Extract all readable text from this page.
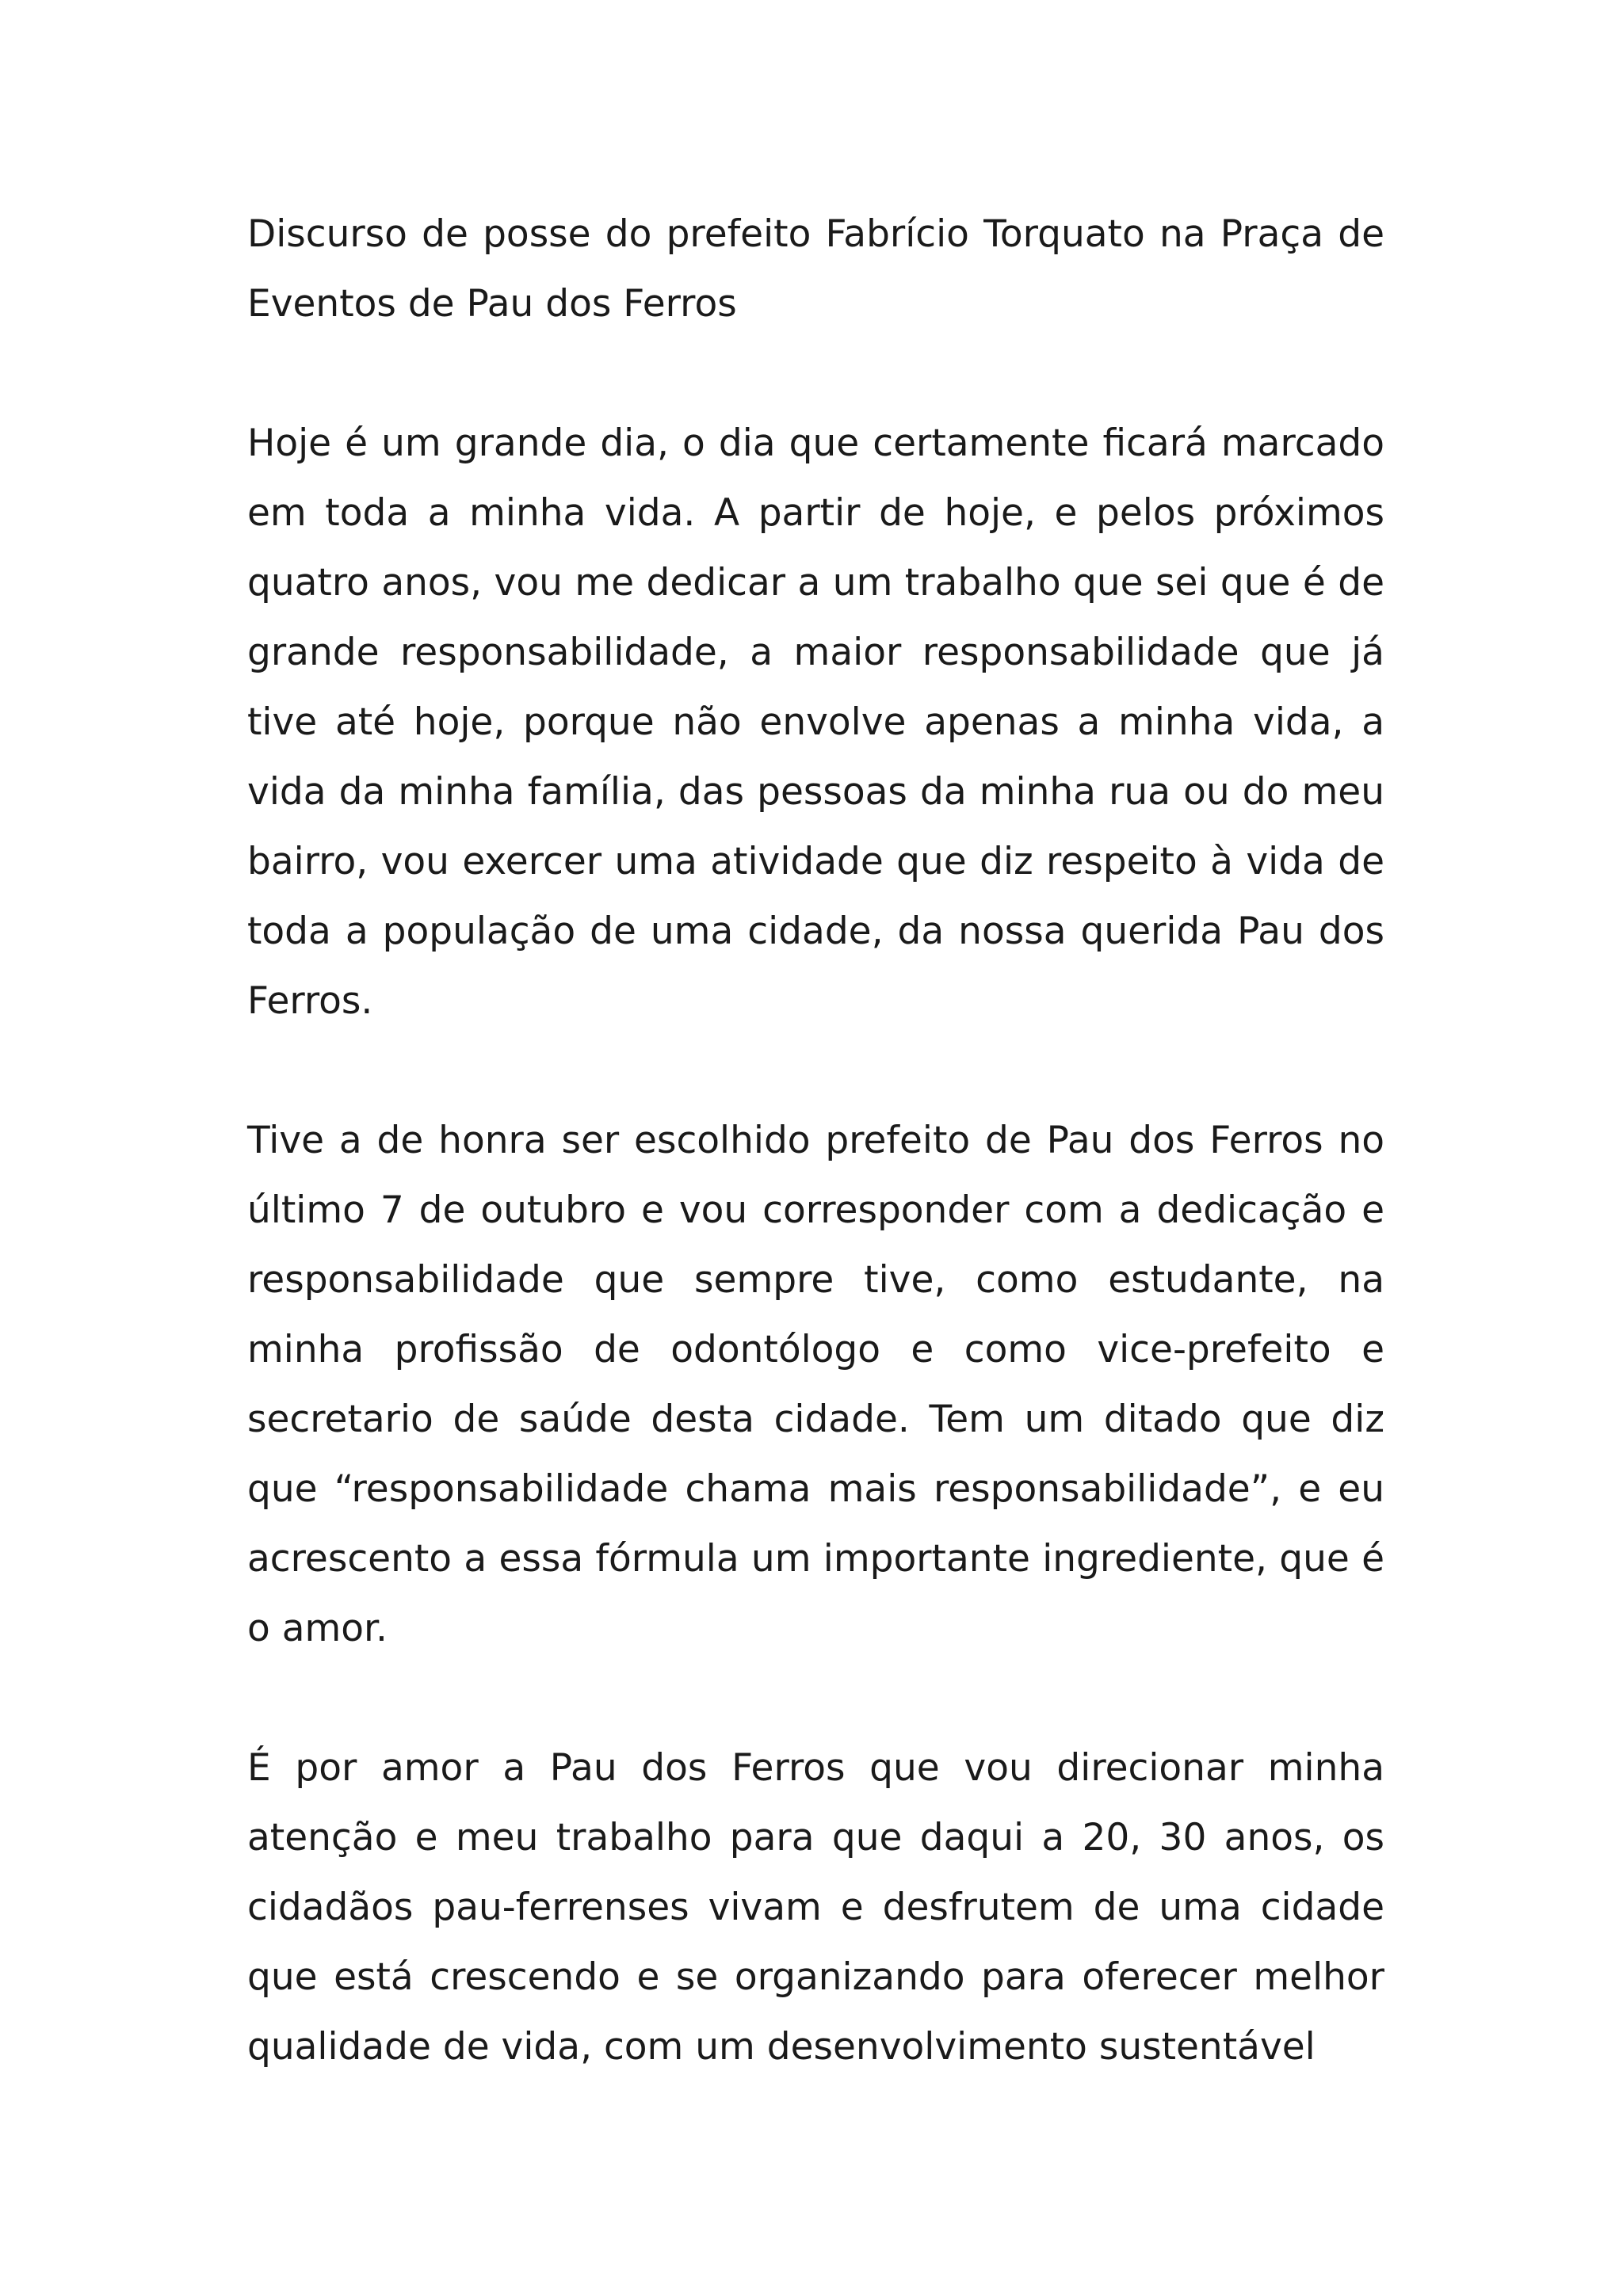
Discurso de posse do prefeito Fabrício Torquato na Praça de Eventos de Pau dos Ferros

Hoje é um grande dia, o dia que certamente ficará marcado em toda a minha vida. A partir de hoje, e pelos próximos quatro anos, vou me dedicar a um trabalho que sei que é de grande responsabilidade, a maior responsabilidade que já tive até hoje, porque não envolve apenas a minha vida, a vida da minha família, das pessoas da minha rua ou do meu bairro, vou exercer uma atividade que diz respeito à vida de toda a população de uma cidade, da nossa querida Pau dos Ferros.

Tive a de honra ser escolhido prefeito de Pau dos Ferros no último 7 de outubro e vou corresponder com a dedicação e responsabilidade que sempre tive, como estudante, na minha profissão de odontólogo e como vice-prefeito e secretario de saúde desta cidade. Tem um ditado que diz que “responsabilidade chama mais responsabilidade”, e eu acrescento a essa fórmula um importante ingrediente, que é o amor.

É por amor a Pau dos Ferros que vou direcionar minha atenção e meu trabalho para que daqui a 20, 30 anos, os cidadãos pau-ferrenses vivam e desfrutem de uma cidade que está crescendo e se organizando para oferecer melhor qualidade de vida, com um desenvolvimento sustentável
